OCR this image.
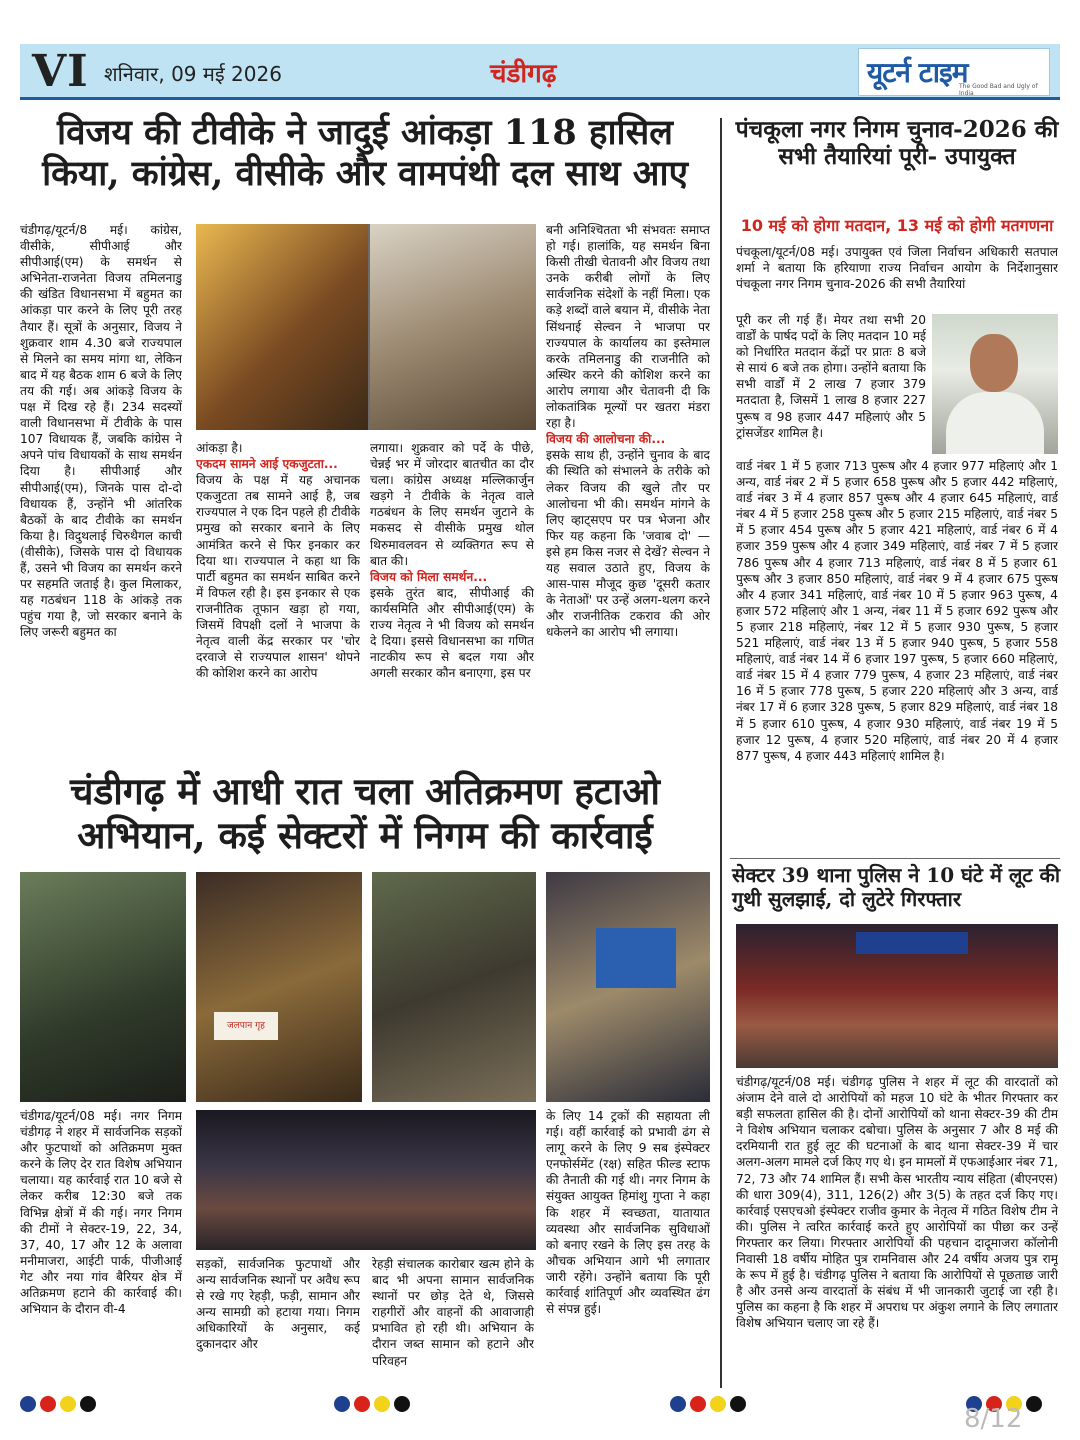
VI शनिवार, 09 मई 2026	चंडीगढ़	यूटर्न टाइम
The Good Bad and Ugly of India
विजय की टीवीके ने जादुई आंकड़ा 118 हासिल
किया, कांग्रेस, वीसीके और वामपंथी दल साथ आए
चंडीगढ़/यूटर्न/8 मई। कांग्रेस, वीसीके, सीपीआई और सीपीआई(एम) के समर्थन से अभिनेता-राजनेता विजय तमिलनाडु की खंडित विधानसभा में बहुमत का आंकड़ा पार करने के लिए पूरी तरह तैयार हैं। सूत्रों के अनुसार, विजय ने शुक्रवार शाम 4.30 बजे राज्यपाल से मिलने का समय मांगा था, लेकिन बाद में यह बैठक शाम 6 बजे के लिए तय की गई। अब आंकड़े विजय के पक्ष में दिख रहे हैं। 234 सदस्यों वाली विधानसभा में टीवीके के पास 107 विधायक हैं, जबकि कांग्रेस ने अपने पांच विधायकों के साथ समर्थन दिया है। सीपीआई और सीपीआई(एम), जिनके पास दो-दो विधायक हैं, उन्होंने भी आंतरिक बैठकों के बाद टीवीके का समर्थन किया है। विदुथलाई चिरुथैगल काची (वीसीके), जिसके पास दो विधायक हैं, उसने भी विजय का समर्थन करने पर सहमति जताई है। कुल मिलाकर, यह गठबंधन 118 के आंकड़े तक पहुंच गया है, जो सरकार बनाने के लिए जरूरी बहुमत का
आंकड़ा है।
एकदम सामने आई एकजुटता...
विजय के पक्ष में यह अचानक एकजुटता तब सामने आई है, जब राज्यपाल ने एक दिन पहले ही टीवीके प्रमुख को सरकार बनाने के लिए आमंत्रित करने से फिर इनकार कर दिया था। राज्यपाल ने कहा था कि पार्टी बहुमत का समर्थन साबित करने में विफल रही है। इस इनकार से एक राजनीतिक तूफान खड़ा हो गया, जिसमें विपक्षी दलों ने भाजपा के नेतृत्व वाली केंद्र सरकार पर 'चोर दरवाजे से राज्यपाल शासन' थोपने की कोशिश करने का आरोप
लगाया। शुक्रवार को पर्दे के पीछे, चेन्नई भर में जोरदार बातचीत का दौर चला। कांग्रेस अध्यक्ष मल्लिकार्जुन खड़गे ने टीवीके के नेतृत्व वाले गठबंधन के लिए समर्थन जुटाने के मकसद से वीसीके प्रमुख थोल थिरुमावलवन से व्यक्तिगत रूप से बात की।
विजय को मिला समर्थन...
इसके तुरंत बाद, सीपीआई की कार्यसमिति और सीपीआई(एम) के राज्य नेतृत्व ने भी विजय को समर्थन दे दिया। इससे विधानसभा का गणित नाटकीय रूप से बदल गया और अगली सरकार कौन बनाएगा, इस पर
बनी अनिश्चितता भी संभवतः समाप्त हो गई। हालांकि, यह समर्थन बिना किसी तीखी चेतावनी और विजय तथा उनके करीबी लोगों के लिए सार्वजनिक संदेशों के नहीं मिला। एक कड़े शब्दों वाले बयान में, वीसीके नेता सिंथनाई सेल्वन ने भाजपा पर राज्यपाल के कार्यालय का इस्तेमाल करके तमिलनाडु की राजनीति को अस्थिर करने की कोशिश करने का आरोप लगाया और चेतावनी दी कि लोकतांत्रिक मूल्यों पर खतरा मंडरा रहा है।
विजय की आलोचना की...
इसके साथ ही, उन्होंने चुनाव के बाद की स्थिति को संभालने के तरीके को लेकर विजय की खुले तौर पर आलोचना भी की। समर्थन मांगने के लिए व्हाट्सएप पर पत्र भेजना और फिर यह कहना कि 'जवाब दो' — इसे हम किस नजर से देखें? सेल्वन ने यह सवाल उठाते हुए, विजय के आस-पास मौजूद कुछ 'दूसरी कतार के नेताओं' पर उन्हें अलग-थलग करने और राजनीतिक टकराव की ओर धकेलने का आरोप भी लगाया।
पंचकूला नगर निगम चुनाव-2026 की सभी तैयारियां पूरी- उपायुक्त
10 मई को होगा मतदान, 13 मई को होगी मतगणना
पंचकूला/यूटर्न/08 मई। उपायुक्त एवं जिला निर्वाचन अधिकारी सतपाल शर्मा ने बताया कि हरियाणा राज्य निर्वाचन आयोग के निर्देशानुसार पंचकूला नगर निगम चुनाव-2026 की सभी तैयारियां
पूरी कर ली गई हैं। मेयर तथा सभी 20 वार्डों के पार्षद पदों के लिए मतदान 10 मई को निर्धारित मतदान केंद्रों पर प्रातः 8 बजे से सायं 6 बजे तक होगा। उन्होंने बताया कि सभी वार्डों में 2 लाख 7 हजार 379 मतदाता है, जिसमें 1 लाख 8 हजार 227 पुरूष व 98 हजार 447 महिलाएं और 5 ट्रांसजेंडर शामिल है।
वार्ड नंबर 1 में 5 हजार 713 पुरूष और 4 हजार 977 महिलाएं और 1 अन्य, वार्ड नंबर 2 में 5 हजार 658 पुरूष और 5 हजार 442 महिलाएं, वार्ड नंबर 3 में 4 हजार 857 पुरूष और 4 हजार 645 महिलाएं, वार्ड नंबर 4 में 5 हजार 258 पुरूष और 5 हजार 215 महिलाएं, वार्ड नंबर 5 में 5 हजार 454 पुरूष और 5 हजार 421 महिलाएं, वार्ड नंबर 6 में 4 हजार 359 पुरूष और 4 हजार 349 महिलाएं, वार्ड नंबर 7 में 5 हजार 786 पुरूष और 4 हजार 713 महिलाएं, वार्ड नंबर 8 में 5 हजार 61 पुरूष और 3 हजार 850 महिलाएं, वार्ड नंबर 9 में 4 हजार 675 पुरूष और 4 हजार 341 महिलाएं, वार्ड नंबर 10 में 5 हजार 963 पुरूष, 4 हजार 572 महिलाएं और 1 अन्य, नंबर 11 में 5 हजार 692 पुरूष और 5 हजार 218 महिलाएं, नंबर 12 में 5 हजार 930 पुरूष, 5 हजार 521 महिलाएं, वार्ड नंबर 13 में 5 हजार 940 पुरूष, 5 हजार 558 महिलाएं, वार्ड नंबर 14 में 6 हजार 197 पुरूष, 5 हजार 660 महिलाएं, वार्ड नंबर 15 में 4 हजार 779 पुरूष, 4 हजार 23 महिलाएं, वार्ड नंबर 16 में 5 हजार 778 पुरूष, 5 हजार 220 महिलाएं और 3 अन्य, वार्ड नंबर 17 में 6 हजार 328 पुरूष, 5 हजार 829 महिलाएं, वार्ड नंबर 18 में 5 हजार 610 पुरूष, 4 हजार 930 महिलाएं, वार्ड नंबर 19 में 5 हजार 12 पुरूष, 4 हजार 520 महिलाएं, वार्ड नंबर 20 में 4 हजार 877 पुरूष, 4 हजार 443 महिलाएं शामिल है।
चंडीगढ़ में आधी रात चला अतिक्रमण हटाओ
अभियान, कई सेक्टरों में निगम की कार्रवाई
जलपान गृह
चंडीगढ/यूटर्न/08 मई। नगर निगम चंडीगढ़ ने शहर में सार्वजनिक सड़कों और फुटपाथों को अतिक्रमण मुक्त करने के लिए देर रात विशेष अभियान चलाया। यह कार्रवाई रात 10 बजे से लेकर करीब 12:30 बजे तक विभिन्न क्षेत्रों में की गई। नगर निगम की टीमों ने सेक्टर-19, 22, 34, 37, 40, 17 और 12 के अलावा मनीमाजरा, आईटी पार्क, पीजीआई गेट और नया गांव बैरियर क्षेत्र में अतिक्रमण हटाने की कार्रवाई की। अभियान के दौरान वी-4
सड़कों, सार्वजनिक फुटपाथों और अन्य सार्वजनिक स्थानों पर अवैध रूप से रखे गए रेहड़ी, फड़ी, सामान और अन्य सामग्री को हटाया गया। निगम अधिकारियों के अनुसार, कई दुकानदार और
रेहड़ी संचालक कारोबार खत्म होने के बाद भी अपना सामान सार्वजनिक स्थानों पर छोड़ देते थे, जिससे राहगीरों और वाहनों की आवाजाही प्रभावित हो रही थी। अभियान के दौरान जब्त सामान को हटाने और परिवहन
के लिए 14 ट्रकों की सहायता ली गई। वहीं कार्रवाई को प्रभावी ढंग से लागू करने के लिए 9 सब इंस्पेक्टर एनफोर्समेंट (रक्ष) सहित फील्ड स्टाफ की तैनाती की गई थी। नगर निगम के संयुक्त आयुक्त हिमांशु गुप्ता ने कहा कि शहर में स्वच्छता, यातायात व्यवस्था और सार्वजनिक सुविधाओं को बनाए रखने के लिए इस तरह के औचक अभियान आगे भी लगातार जारी रहेंगे। उन्होंने बताया कि पूरी कार्रवाई शांतिपूर्ण और व्यवस्थित ढंग से संपन्न हुई।
सेक्टर 39 थाना पुलिस ने 10 घंटे में लूट की गुथी सुलझाई, दो लुटेरे गिरफ्तार
चंडीगढ़/यूटर्न/08 मई। चंडीगढ़ पुलिस ने शहर में लूट की वारदातों को अंजाम देने वाले दो आरोपियों को महज 10 घंटे के भीतर गिरफ्तार कर बड़ी सफलता हासिल की है। दोनों आरोपियों को थाना सेक्टर-39 की टीम ने विशेष अभियान चलाकर दबोचा। पुलिस के अनुसार 7 और 8 मई की दरमियानी रात हुई लूट की घटनाओं के बाद थाना सेक्टर-39 में चार अलग-अलग मामले दर्ज किए गए थे। इन मामलों में एफआईआर नंबर 71, 72, 73 और 74 शामिल हैं। सभी केस भारतीय न्याय संहिता (बीएनएस) की धारा 309(4), 311, 126(2) और 3(5) के तहत दर्ज किए गए। कार्रवाई एसएचओ इंस्पेक्टर राजीव कुमार के नेतृत्व में गठित विशेष टीम ने की। पुलिस ने त्वरित कार्रवाई करते हुए आरोपियों का पीछा कर उन्हें गिरफ्तार कर लिया। गिरफ्तार आरोपियों की पहचान दादूमाजरा कॉलोनी निवासी 18 वर्षीय मोहित पुत्र रामनिवास और 24 वर्षीय अजय पुत्र रामू के रूप में हुई है। चंडीगढ़ पुलिस ने बताया कि आरोपियों से पूछताछ जारी है और उनसे अन्य वारदातों के संबंध में भी जानकारी जुटाई जा रही है। पुलिस का कहना है कि शहर में अपराध पर अंकुश लगाने के लिए लगातार विशेष अभियान चलाए जा रहे हैं।
8/12
